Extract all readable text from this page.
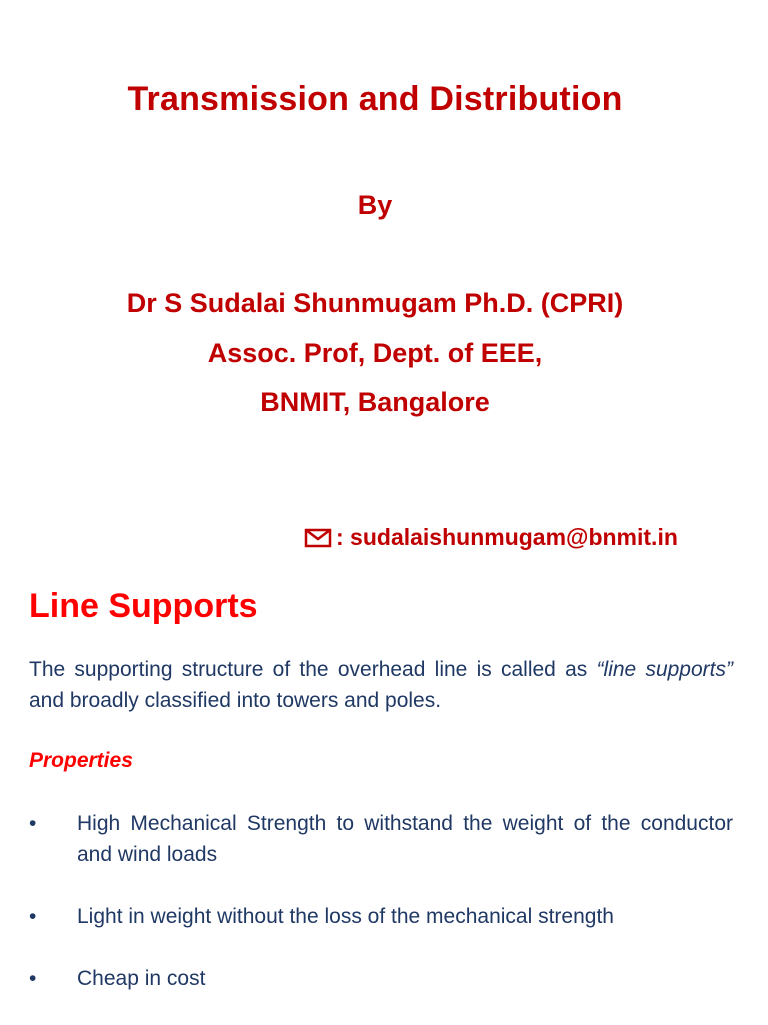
Transmission and Distribution
By
Dr S Sudalai Shunmugam Ph.D. (CPRI)
Assoc. Prof, Dept. of EEE,
BNMIT, Bangalore
: sudalaishunmugam@bnmit.in
Line Supports
The supporting structure of the overhead line is called as “line supports” and broadly classified into towers and poles.
Properties
• High Mechanical Strength to withstand the weight of the conductor and wind loads
• Light in weight without the loss of the mechanical strength
• Cheap in cost
